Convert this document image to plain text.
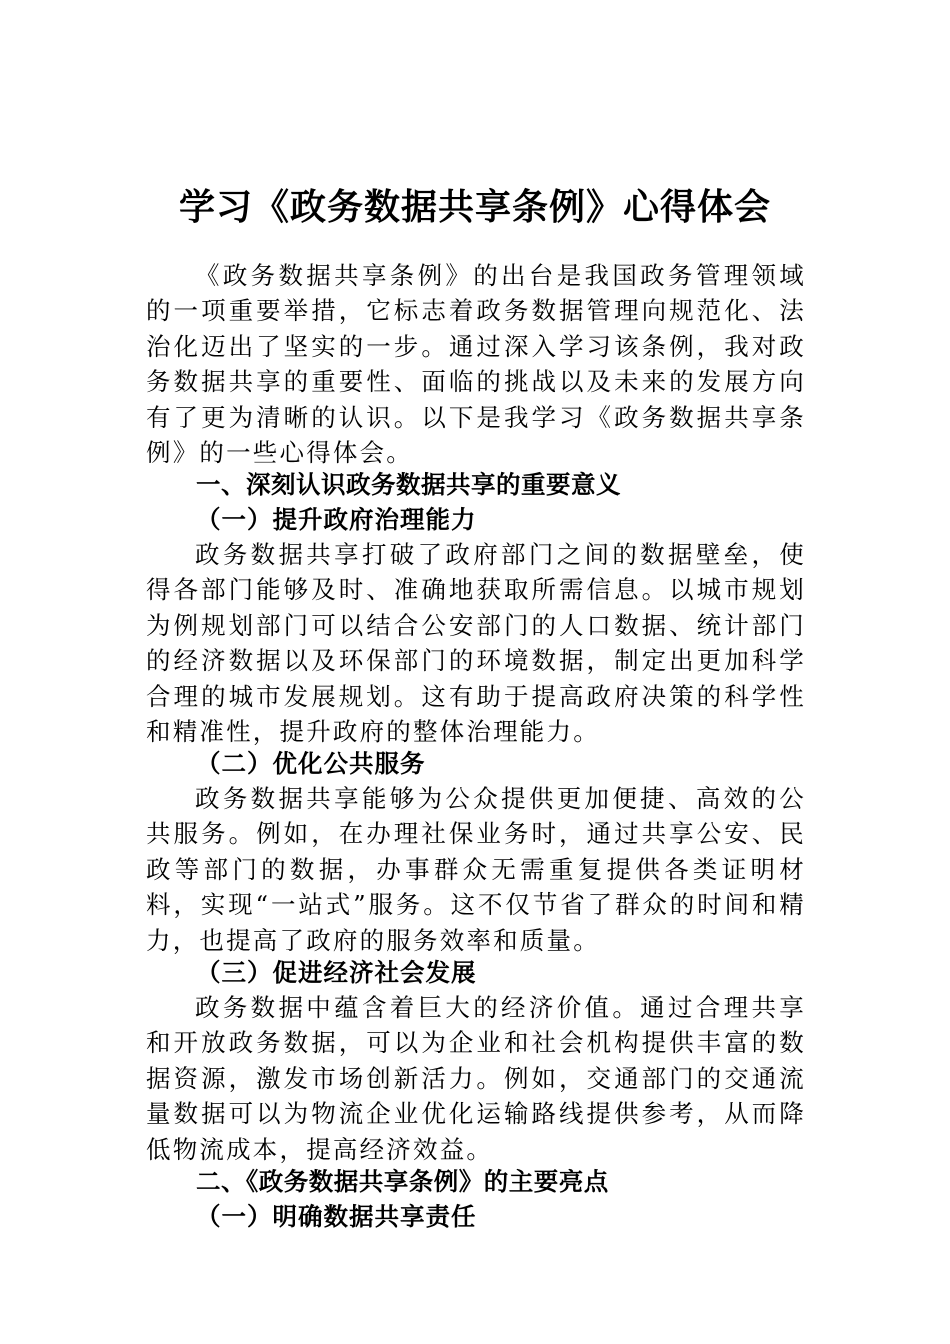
学习《政务数据共享条例》心得体会

《政务数据共享条例》的出台是我国政务管理领域的一项重要举措，它标志着政务数据管理向规范化、法治化迈出了坚实的一步。通过深入学习该条例，我对政务数据共享的重要性、面临的挑战以及未来的发展方向有了更为清晰的认识。以下是我学习《政务数据共享条例》的一些心得体会。

一、深刻认识政务数据共享的重要意义
（一）提升政府治理能力

政务数据共享打破了政府部门之间的数据壁垒，使得各部门能够及时、准确地获取所需信息。以城市规划为例规划部门可以结合公安部门的人口数据、统计部门的经济数据以及环保部门的环境数据，制定出更加科学合理的城市发展规划。这有助于提高政府决策的科学性和精准性，提升政府的整体治理能力。

（二）优化公共服务

政务数据共享能够为公众提供更加便捷、高效的公共服务。例如，在办理社保业务时，通过共享公安、民政等部门的数据，办事群众无需重复提供各类证明材料，实现“一站式”服务。这不仅节省了群众的时间和精力，也提高了政府的服务效率和质量。

（三）促进经济社会发展

政务数据中蕴含着巨大的经济价值。通过合理共享和开放政务数据，可以为企业和社会机构提供丰富的数据资源，激发市场创新活力。例如，交通部门的交通流量数据可以为物流企业优化运输路线提供参考，从而降低物流成本，提高经济效益。

二、《政务数据共享条例》的主要亮点
（一）明确数据共享责任
